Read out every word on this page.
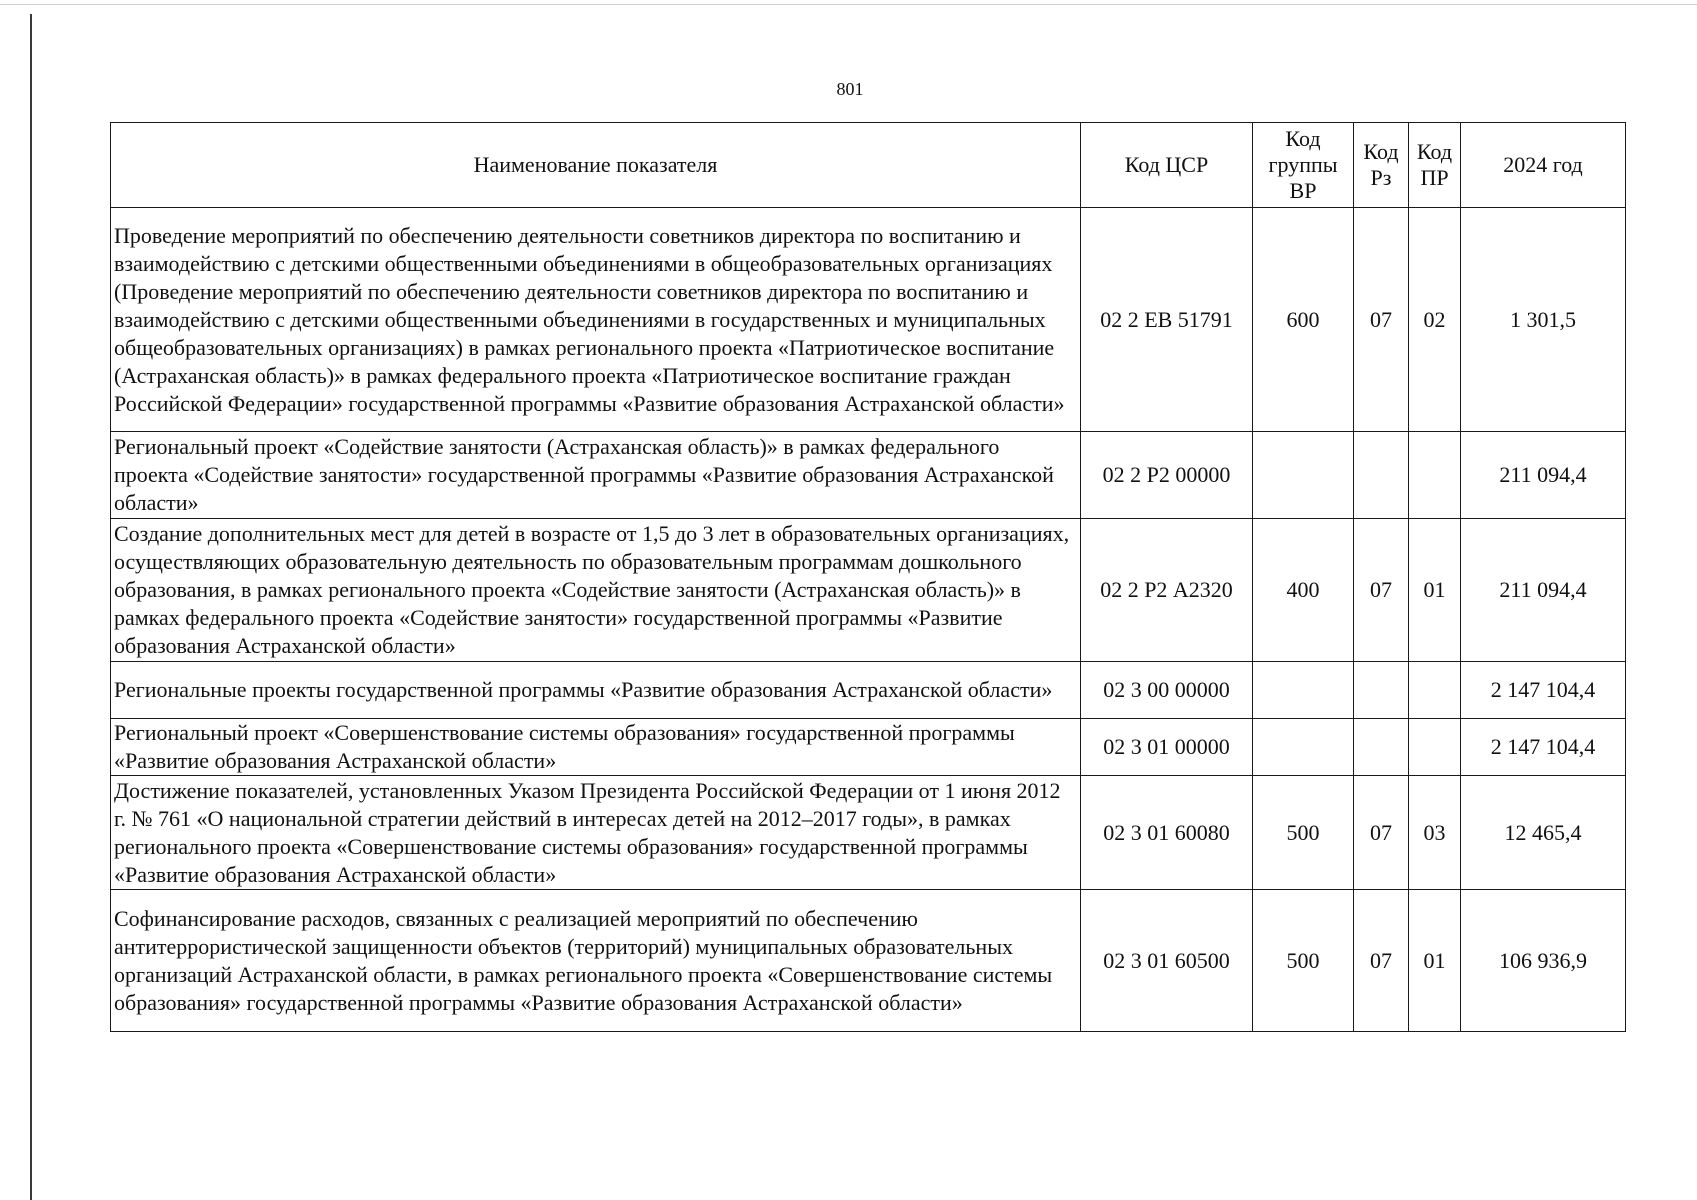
801
Наименование показателя	Код ЦСР	Код группы ВР	Код Рз	Код ПР	2024 год
Проведение мероприятий по обеспечению деятельности советников директора по воспитанию и взаимодействию с детскими общественными объединениями в общеобразовательных организациях (Проведение мероприятий по обеспечению деятельности советников директора по воспитанию и взаимодействию с детскими общественными объединениями в государственных и муниципальных общеобразовательных организациях) в рамках регионального проекта «Патриотическое воспитание (Астраханская область)» в рамках федерального проекта «Патриотическое воспитание граждан Российской Федерации» государственной программы «Развитие образования Астраханской области»	02 2 ЕВ 51791	600	07	02	1 301,5
Региональный проект «Содействие занятости (Астраханская область)» в рамках федерального проекта «Содействие занятости» государственной программы «Развитие образования Астраханской области»	02 2 Р2 00000				211 094,4
Создание дополнительных мест для детей в возрасте от 1,5 до 3 лет в образовательных организациях, осуществляющих образовательную деятельность по образовательным программам дошкольного образования, в рамках регионального проекта «Содействие занятости (Астраханская область)» в рамках федерального проекта «Содействие занятости» государственной программы «Развитие образования Астраханской области»	02 2 Р2 А2320	400	07	01	211 094,4
Региональные проекты государственной программы «Развитие образования Астраханской области»	02 3 00 00000				2 147 104,4
Региональный проект «Совершенствование системы образования» государственной программы «Развитие образования Астраханской области»	02 3 01 00000				2 147 104,4
Достижение показателей, установленных Указом Президента Российской Федерации от 1 июня 2012 г. № 761 «О национальной стратегии действий в интересах детей на 2012–2017 годы», в рамках регионального проекта «Совершенствование системы образования» государственной программы «Развитие образования Астраханской области»	02 3 01 60080	500	07	03	12 465,4
Софинансирование расходов, связанных с реализацией мероприятий по обеспечению антитеррористической защищенности объектов (территорий) муниципальных образовательных организаций Астраханской области, в рамках регионального проекта «Совершенствование системы образования» государственной программы «Развитие образования Астраханской области»	02 3 01 60500	500	07	01	106 936,9
